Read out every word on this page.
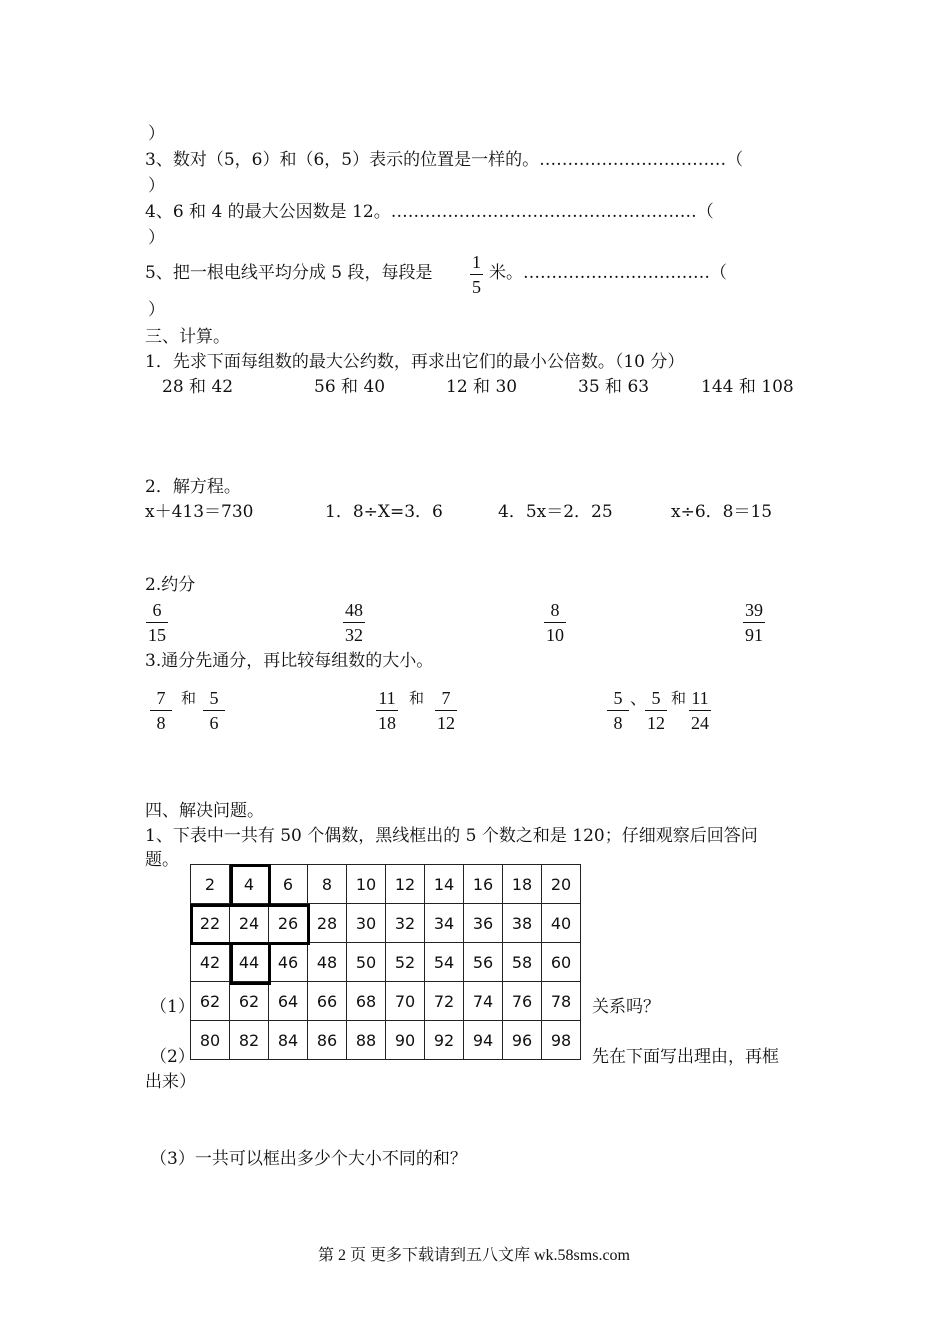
）
3、数对（5，6）和（6，5）表示的位置是一样的。……………………………（
）
4、6 和 4 的最大公因数是 12。………………………………………………（
）
5、把一根电线平均分成 5 段，每段是 $\frac{1}{5}$ 米。……………………………（
）
三、计算。
1．先求下面每组数的最大公约数，再求出它们的最小公倍数。（10 分）
28 和 42	56 和 40	12 和 30	35 和 63	144 和 108
2．解方程。
x＋413＝730	1．8÷X=3．6	4．5x＝2．25	x÷6．8＝15
2.约分
$\frac{6}{15}$	$\frac{48}{32}$	$\frac{8}{10}$	$\frac{39}{91}$
3.通分先通分，再比较每组数的大小。
$\frac{7}{8}$ 和 $\frac{5}{6}$	$\frac{11}{18}$ 和 $\frac{7}{12}$	$\frac{5}{8}$ 、
$\frac{5}{12}$ 和 $\frac{11}{24}$
四、解决问题。
1、下表中一共有 50 个偶数，黑线框出的 5 个数之和是 120；仔细观察后回答问
题。
2	4	6	8	10	12	14	16	18	20
22	24	26	28	30	32	34	36	38	40
42	44	46	48	50	52	54	56	58	60
62	62	64	66	68	70	72	74	76	78
80	82	84	86	88	90	92	94	96	98
（1）	关系吗？
（2）	先在下面写出理由，再框
出来）
（3）一共可以框出多少个大小不同的和？
第 2 页 更多下载请到五八文库 wk.58sms.com
